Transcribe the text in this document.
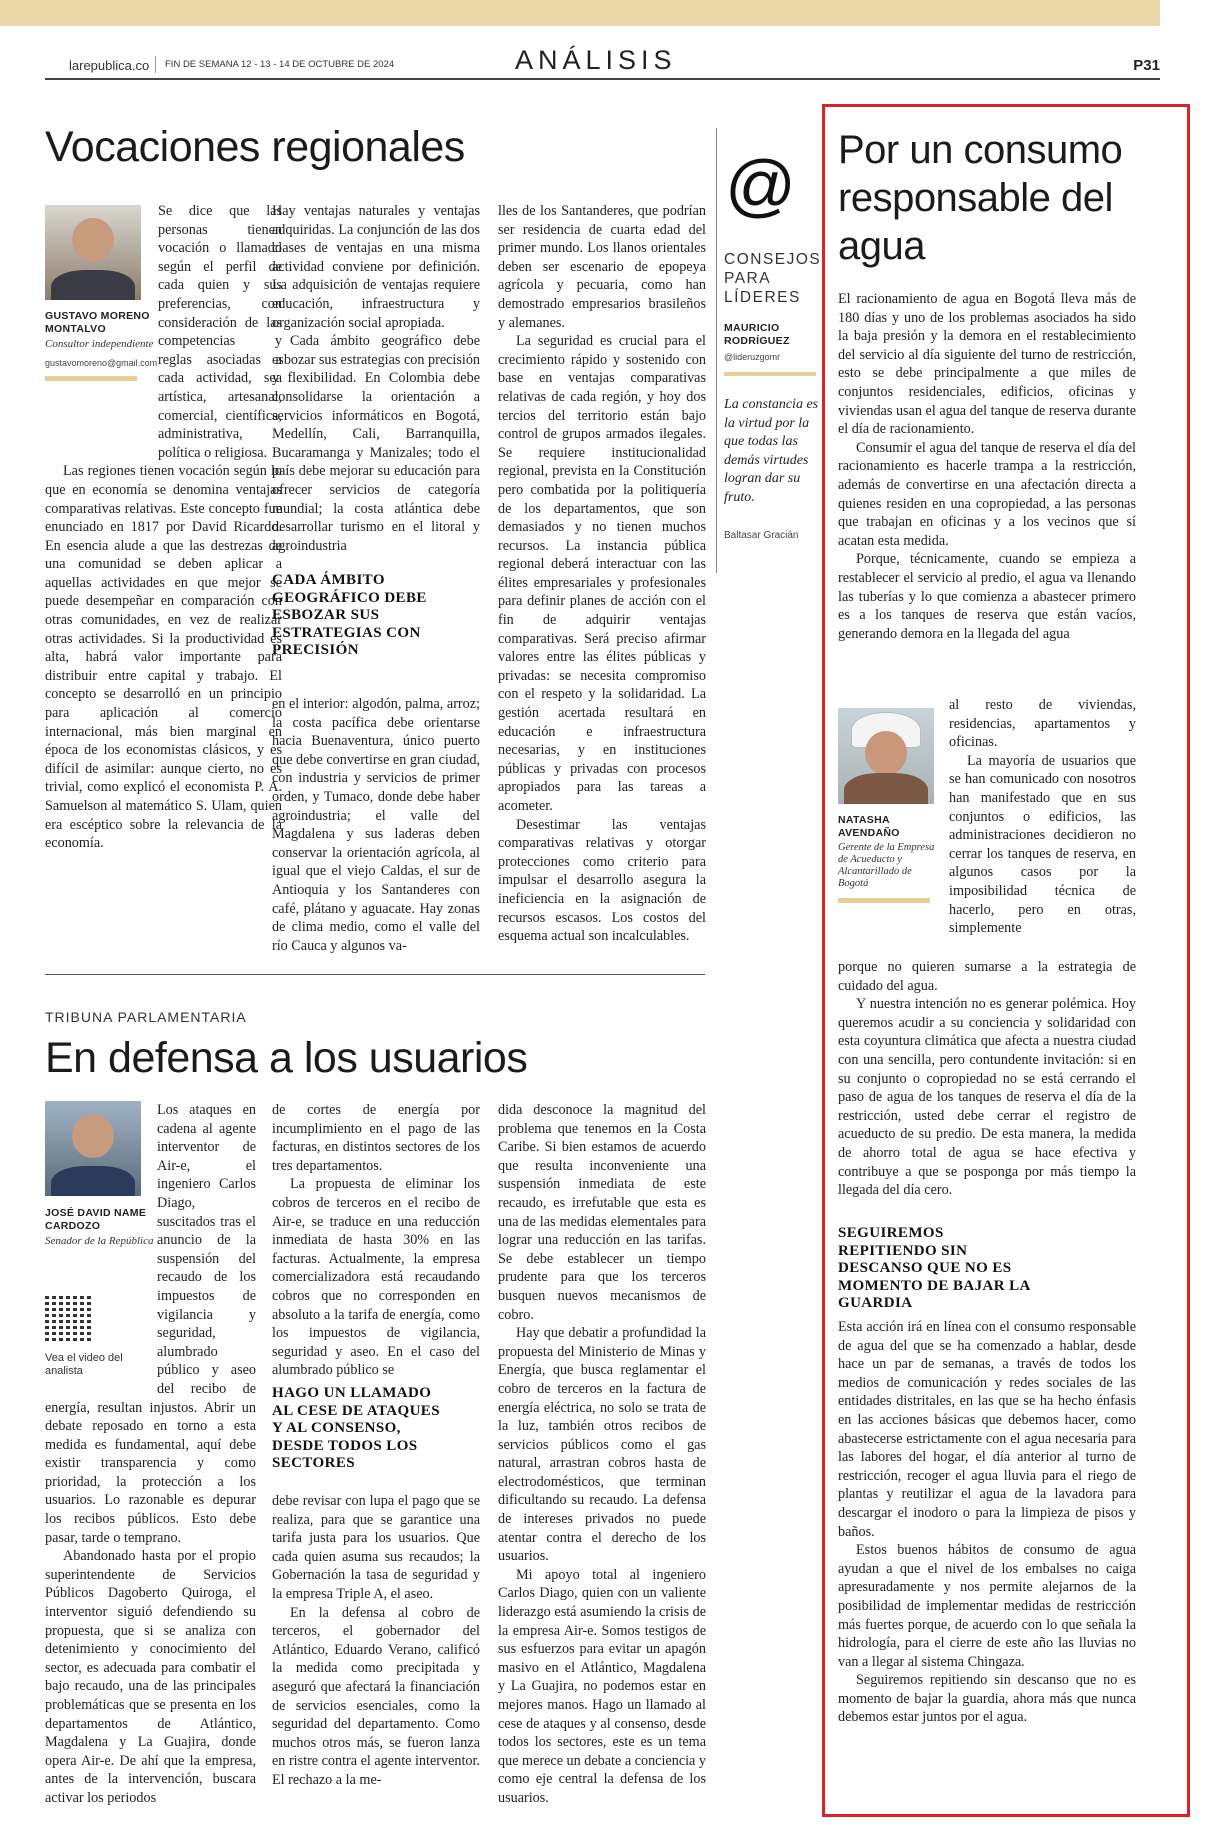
larepublica.co FIN DE SEMANA 12 - 13 - 14 DE OCTUBRE DE 2024	ANÁLISIS	P31
Vocaciones regionales
GUSTAVO MORENO MONTALVO
Consultor independiente
gustavomoreno@gmail.com
Se dice que las personas tienen vocación o llamado según el perfil de cada quien y sus preferencias, con consideración de las competencias y reglas asociadas a cada actividad, sea artística, artesanal, comercial, científica, administrativa, política o religiosa.
Las regiones tienen vocación según lo que en economía se denomina ventajas comparativas relativas. Este concepto fue enunciado en 1817 por David Ricardo. En esencia alude a que las destrezas de una comunidad se deben aplicar a aquellas actividades en que mejor se puede desempeñar en comparación con otras comunidades, en vez de realizar otras actividades. Si la productividad es alta, habrá valor importante para distribuir entre capital y trabajo. El concepto se desarrolló en un principio para aplicación al comercio internacional, más bien marginal en época de los economistas clásicos, y es difícil de asimilar: aunque cierto, no es trivial, como explicó el economista P. A. Samuelson al matemático S. Ulam, quien era escéptico sobre la relevancia de la economía.
Hay ventajas naturales y ventajas adquiridas. La conjunción de las dos clases de ventajas en una misma actividad conviene por definición. La adquisición de ventajas requiere educación, infraestructura y organización social apropiada.
Cada ámbito geográfico debe esbozar sus estrategias con precisión y flexibilidad. En Colombia debe consolidarse la orientación a servicios informáticos en Bogotá, Medellín, Cali, Barranquilla, Bucaramanga y Manizales; todo el país debe mejorar su educación para ofrecer servicios de categoría mundial; la costa atlántica debe desarrollar turismo en el litoral y agroindustria
CADA ÁMBITO GEOGRÁFICO DEBE ESBOZAR SUS ESTRATEGIAS CON PRECISIÓN
en el interior: algodón, palma, arroz; la costa pacífica debe orientarse hacia Buenaventura, único puerto que debe convertirse en gran ciudad, con industria y servicios de primer orden, y Tumaco, donde debe haber agroindustria; el valle del Magdalena y sus laderas deben conservar la orientación agrícola, al igual que el viejo Caldas, el sur de Antioquia y los Santanderes con café, plátano y aguacate. Hay zonas de clima medio, como el valle del río Cauca y algunos va-
lles de los Santanderes, que podrían ser residencia de cuarta edad del primer mundo. Los llanos orientales deben ser escenario de epopeya agrícola y pecuaria, como han demostrado empresarios brasileños y alemanes.
La seguridad es crucial para el crecimiento rápido y sostenido con base en ventajas comparativas relativas de cada región, y hoy dos tercios del territorio están bajo control de grupos armados ilegales. Se requiere institucionalidad regional, prevista en la Constitución pero combatida por la politiquería de los departamentos, que son demasiados y no tienen muchos recursos. La instancia pública regional deberá interactuar con las élites empresariales y profesionales para definir planes de acción con el fin de adquirir ventajas comparativas. Será preciso afirmar valores entre las élites públicas y privadas: se necesita compromiso con el respeto y la solidaridad. La gestión acertada resultará en educación e infraestructura necesarias, y en instituciones públicas y privadas con procesos apropiados para las tareas a acometer.
Desestimar las ventajas comparativas relativas y otorgar protecciones como criterio para impulsar el desarrollo asegura la ineficiencia en la asignación de recursos escasos. Los costos del esquema actual son incalculables.
@
CONSEJOS PARA LÍDERES
MAURICIO RODRÍGUEZ
@lideruzgomr
La constancia es la virtud por la que todas las demás virtudes logran dar su fruto.
Baltasar Gracián
TRIBUNA PARLAMENTARIA
En defensa a los usuarios
JOSÉ DAVID NAME CARDOZO
Senador de la República
Vea el video del analista
Los ataques en cadena al agente interventor de Air-e, el ingeniero Carlos Diago, suscitados tras el anuncio de la suspensión del recaudo de los impuestos de vigilancia y seguridad, alumbrado público y aseo del recibo de energía, resultan injustos. Abrir un debate reposado en torno a esta medida es fundamental, aquí debe existir transparencia y como prioridad, la protección a los usuarios. Lo razonable es depurar los recibos públicos. Esto debe pasar, tarde o temprano.
Abandonado hasta por el propio superintendente de Servicios Públicos Dagoberto Quiroga, el interventor siguió defendiendo su propuesta, que si se analiza con detenimiento y conocimiento del sector, es adecuada para combatir el bajo recaudo, una de las principales problemáticas que se presenta en los departamentos de Atlántico, Magdalena y La Guajira, donde opera Air-e. De ahí que la empresa, antes de la intervención, buscara activar los periodos
de cortes de energía por incumplimiento en el pago de las facturas, en distintos sectores de los tres departamentos.
La propuesta de eliminar los cobros de terceros en el recibo de Air-e, se traduce en una reducción inmediata de hasta 30% en las facturas. Actualmente, la empresa comercializadora está recaudando cobros que no corresponden en absoluto a la tarifa de energía, como los impuestos de vigilancia, seguridad y aseo. En el caso del alumbrado público se
HAGO UN LLAMADO AL CESE DE ATAQUES Y AL CONSENSO, DESDE TODOS LOS SECTORES
debe revisar con lupa el pago que se realiza, para que se garantice una tarifa justa para los usuarios. Que cada quien asuma sus recaudos; la Gobernación la tasa de seguridad y la empresa Triple A, el aseo.
En la defensa al cobro de terceros, el gobernador del Atlántico, Eduardo Verano, calificó la medida como precipitada y aseguró que afectará la financiación de servicios esenciales, como la seguridad del departamento. Como muchos otros más, se fueron lanza en ristre contra el agente interventor. El rechazo a la me-
dida desconoce la magnitud del problema que tenemos en la Costa Caribe. Si bien estamos de acuerdo que resulta inconveniente una suspensión inmediata de este recaudo, es irrefutable que esta es una de las medidas elementales para lograr una reducción en las tarifas. Se debe establecer un tiempo prudente para que los terceros busquen nuevos mecanismos de cobro.
Hay que debatir a profundidad la propuesta del Ministerio de Minas y Energía, que busca reglamentar el cobro de terceros en la factura de energía eléctrica, no solo se trata de la luz, también otros recibos de servicios públicos como el gas natural, arrastran cobros hasta de electrodomésticos, que terminan dificultando su recaudo. La defensa de intereses privados no puede atentar contra el derecho de los usuarios.
Mi apoyo total al ingeniero Carlos Diago, quien con un valiente liderazgo está asumiendo la crisis de la empresa Air-e. Somos testigos de sus esfuerzos para evitar un apagón masivo en el Atlántico, Magdalena y La Guajira, no podemos estar en mejores manos. Hago un llamado al cese de ataques y al consenso, desde todos los sectores, este es un tema que merece un debate a conciencia y como eje central la defensa de los usuarios.
Por un consumo responsable del agua
El racionamiento de agua en Bogotá lleva más de 180 días y uno de los problemas asociados ha sido la baja presión y la demora en el restablecimiento del servicio al día siguiente del turno de restricción, esto se debe principalmente a que miles de conjuntos residenciales, edificios, oficinas y viviendas usan el agua del tanque de reserva durante el día de racionamiento.
Consumir el agua del tanque de reserva el día del racionamiento es hacerle trampa a la restricción, además de convertirse en una afectación directa a quienes residen en una copropiedad, a las personas que trabajan en oficinas y a los vecinos que sí acatan esta medida.
Porque, técnicamente, cuando se empieza a restablecer el servicio al predio, el agua va llenando las tuberías y lo que comienza a abastecer primero es a los tanques de reserva que están vacíos, generando demora en la llegada del agua
NATASHA AVENDAÑO
Gerente de la Empresa de Acueducto y Alcantarillado de Bogotá
al resto de viviendas, residencias, apartamentos y oficinas.
La mayoría de usuarios que se han comunicado con nosotros han manifestado que en sus conjuntos o edificios, las administraciones decidieron no cerrar los tanques de reserva, en algunos casos por la imposibilidad técnica de hacerlo, pero en otras, simplemente
porque no quieren sumarse a la estrategia de cuidado del agua.
Y nuestra intención no es generar polémica. Hoy queremos acudir a su conciencia y solidaridad con esta coyuntura climática que afecta a nuestra ciudad con una sencilla, pero contundente invitación: si en su conjunto o copropiedad no se está cerrando el paso de agua de los tanques de reserva el día de la restricción, usted debe cerrar el registro de acueducto de su predio. De esta manera, la medida de ahorro total de agua se hace efectiva y contribuye a que se posponga por más tiempo la llegada del día cero.
SEGUIREMOS REPITIENDO SIN DESCANSO QUE NO ES MOMENTO DE BAJAR LA GUARDIA
Esta acción irá en línea con el consumo responsable de agua del que se ha comenzado a hablar, desde hace un par de semanas, a través de todos los medios de comunicación y redes sociales de las entidades distritales, en las que se ha hecho énfasis en las acciones básicas que debemos hacer, como abastecerse estrictamente con el agua necesaria para las labores del hogar, el día anterior al turno de restricción, recoger el agua lluvia para el riego de plantas y reutilizar el agua de la lavadora para descargar el inodoro o para la limpieza de pisos y baños.
Estos buenos hábitos de consumo de agua ayudan a que el nivel de los embalses no caiga apresuradamente y nos permite alejarnos de la posibilidad de implementar medidas de restricción más fuertes porque, de acuerdo con lo que señala la hidrología, para el cierre de este año las lluvias no van a llegar al sistema Chingaza.
Seguiremos repitiendo sin descanso que no es momento de bajar la guardia, ahora más que nunca debemos estar juntos por el agua.
